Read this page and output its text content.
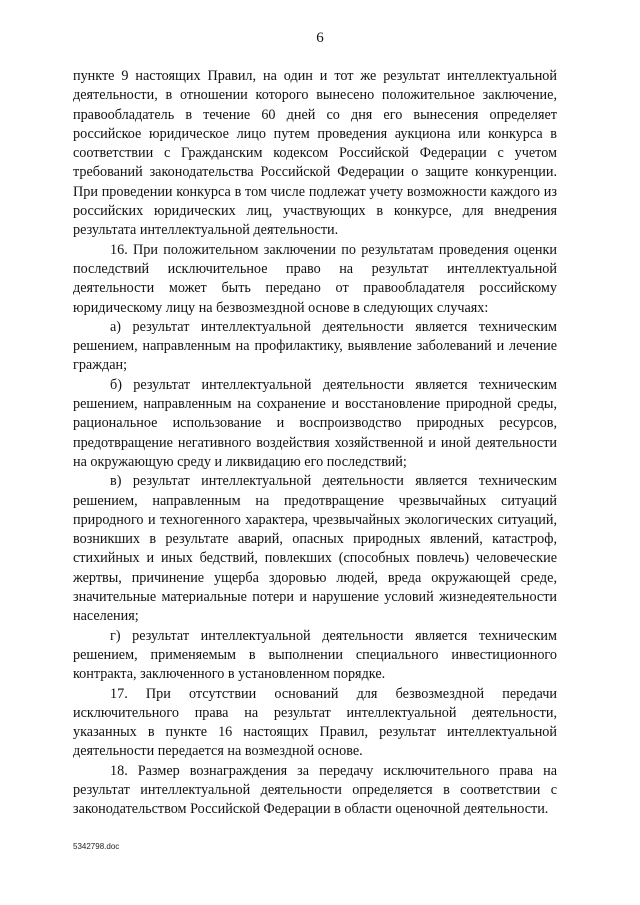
6

пункте 9 настоящих Правил, на один и тот же результат интеллектуальной деятельности, в отношении которого вынесено положительное заключение, правообладатель в течение 60 дней со дня его вынесения определяет российское юридическое лицо путем проведения аукциона или конкурса в соответствии с Гражданским кодексом Российской Федерации с учетом требований законодательства Российской Федерации о защите конкуренции. При проведении конкурса в том числе подлежат учету возможности каждого из российских юридических лиц, участвующих в конкурсе, для внедрения результата интеллектуальной деятельности.

16. При положительном заключении по результатам проведения оценки последствий исключительное право на результат интеллектуальной деятельности может быть передано от правообладателя российскому юридическому лицу на безвозмездной основе в следующих случаях:

а) результат интеллектуальной деятельности является техническим решением, направленным на профилактику, выявление заболеваний и лечение граждан;

б) результат интеллектуальной деятельности является техническим решением, направленным на сохранение и восстановление природной среды, рациональное использование и воспроизводство природных ресурсов, предотвращение негативного воздействия хозяйственной и иной деятельности на окружающую среду и ликвидацию его последствий;

в) результат интеллектуальной деятельности является техническим решением, направленным на предотвращение чрезвычайных ситуаций природного и техногенного характера, чрезвычайных экологических ситуаций, возникших в результате аварий, опасных природных явлений, катастроф, стихийных и иных бедствий, повлекших (способных повлечь) человеческие жертвы, причинение ущерба здоровью людей, вреда окружающей среде, значительные материальные потери и нарушение условий жизнедеятельности населения;

г) результат интеллектуальной деятельности является техническим решением, применяемым в выполнении специального инвестиционного контракта, заключенного в установленном порядке.

17. При отсутствии оснований для безвозмездной передачи исключительного права на результат интеллектуальной деятельности, указанных в пункте 16 настоящих Правил, результат интеллектуальной деятельности передается на возмездной основе.

18. Размер вознаграждения за передачу исключительного права на результат интеллектуальной деятельности определяется в соответствии с законодательством Российской Федерации в области оценочной деятельности.

5342798.doc
